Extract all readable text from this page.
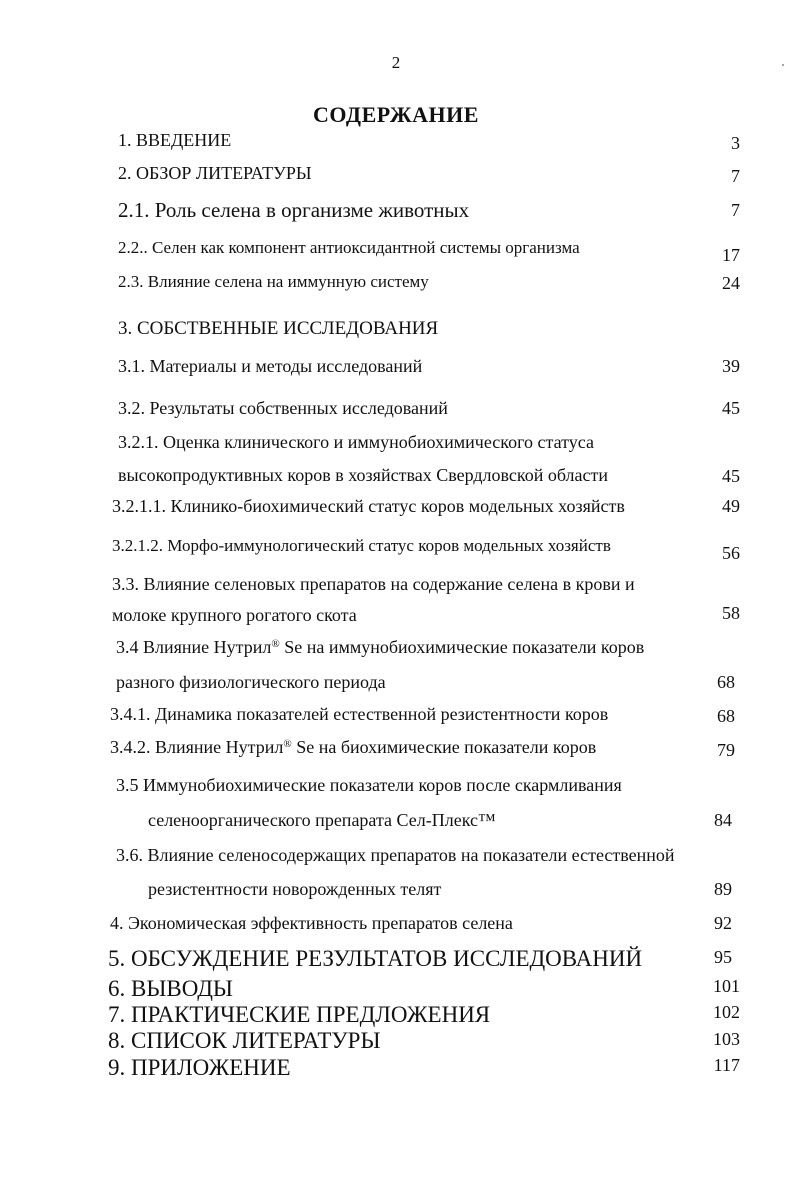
2
СОДЕРЖАНИЕ
1. ВВЕДЕНИЕ	3
2. ОБЗОР ЛИТЕРАТУРЫ	7
2.1. Роль селена в организме животных	7
2.2.. Селен как компонент антиоксидантной системы организма	17
2.3. Влияние селена на иммунную систему	24
3. СОБСТВЕННЫЕ ИССЛЕДОВАНИЯ
3.1. Материалы и методы исследований	39
3.2. Результаты собственных исследований	45
3.2.1. Оценка клинического и иммунобиохимического статуса
высокопродуктивных коров в хозяйствах Свердловской области	45
3.2.1.1. Клинико-биохимический статус коров модельных хозяйств	49
3.2.1.2. Морфо-иммунологический статус коров модельных хозяйств	56
3.3. Влияние селеновых препаратов на содержание селена в крови и
молоке крупного рогатого скота	58
3.4 Влияние Нутрил® Se на иммунобиохимические показатели коров
разного физиологического периода	68
3.4.1. Динамика показателей естественной резистентности коров	68
3.4.2. Влияние Нутрил® Se на биохимические показатели коров	79
3.5 Иммунобиохимические показатели коров после скармливания
селеноорганического препарата Сел-Плекс™	84
3.6. Влияние селеносодержащих препаратов на показатели естественной
резистентности новорожденных телят	89
4. Экономическая эффективность препаратов селена	92
5. ОБСУЖДЕНИЕ РЕЗУЛЬТАТОВ ИССЛЕДОВАНИЙ	95
6. ВЫВОДЫ	101
7. ПРАКТИЧЕСКИЕ ПРЕДЛОЖЕНИЯ	102
8. СПИСОК ЛИТЕРАТУРЫ	103
9. ПРИЛОЖЕНИЕ	117
